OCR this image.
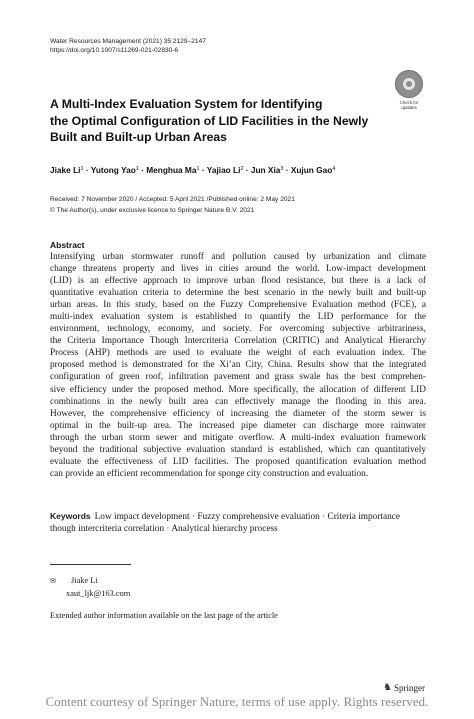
Water Resources Management (2021) 35:2129–2147
https://doi.org/10.1007/s11269-021-02830-6
Check for
updates
A Multi-Index Evaluation System for Identifying
the Optimal Configuration of LID Facilities in the Newly
Built and Built-up Urban Areas
Jiake $Li^1$ · Yutong Yao$^1$ · Menghua $Ma^1$ · Yajiao $Li^2$ · Jun Xia$^3$ · Xujun Gao$^4$
Received: 7 November 2020 / Accepted: 5 April 2021 /Published online: 2 May 2021
© The Author(s), under exclusive licence to Springer Nature B.V. 2021
Abstract
Intensifying urban stormwater runoff and pollution caused by urbanization and climate
change threatens property and lives in cities around the world. Low-impact development
(LID) is an effective approach to improve urban flood resistance, but there is a lack of
quantitative evaluation criteria to determine the best scenario in the newly built and built-up
urban areas. In this study, based on the Fuzzy Comprehensive Evaluation method (FCE), a
multi-index evaluation system is established to quantify the LID performance for the
environment, technology, economy, and society. For overcoming subjective arbitrariness,
the Criteria Importance Though Intercriteria Correlation (CRITIC) and Analytical Hierarchy
Process (AHP) methods are used to evaluate the weight of each evaluation index. The
proposed method is demonstrated for the Xi’an City, China. Results show that the integrated
configuration of green roof, infiltration pavement and grass swale has the best comprehen-
sive efficiency under the proposed method. More specifically, the allocation of different LID
combinations in the newly built area can effectively manage the flooding in this area.
However, the comprehensive efficiency of increasing the diameter of the storm sewer is
optimal in the built-up area. The increased pipe diameter can discharge more rainwater
through the urban storm sewer and mitigate overflow. A multi-index evaluation framework
beyond the traditional subjective evaluation standard is established, which can quantitatively
evaluate the effectiveness of LID facilities. The proposed quantification evaluation method
can provide an efficient recommendation for sponge city construction and evaluation.
Keywords Low impact development · Fuzzy comprehensive evaluation · Criteria importance
though intercriteria correlation · Analytical hierarchy process
✉ Jiake Li
xaut_ljk@163.com
Extended author information available on the last page of the article
♞ Springer
Content courtesy of Springer Nature, terms of use apply. Rights reserved.
